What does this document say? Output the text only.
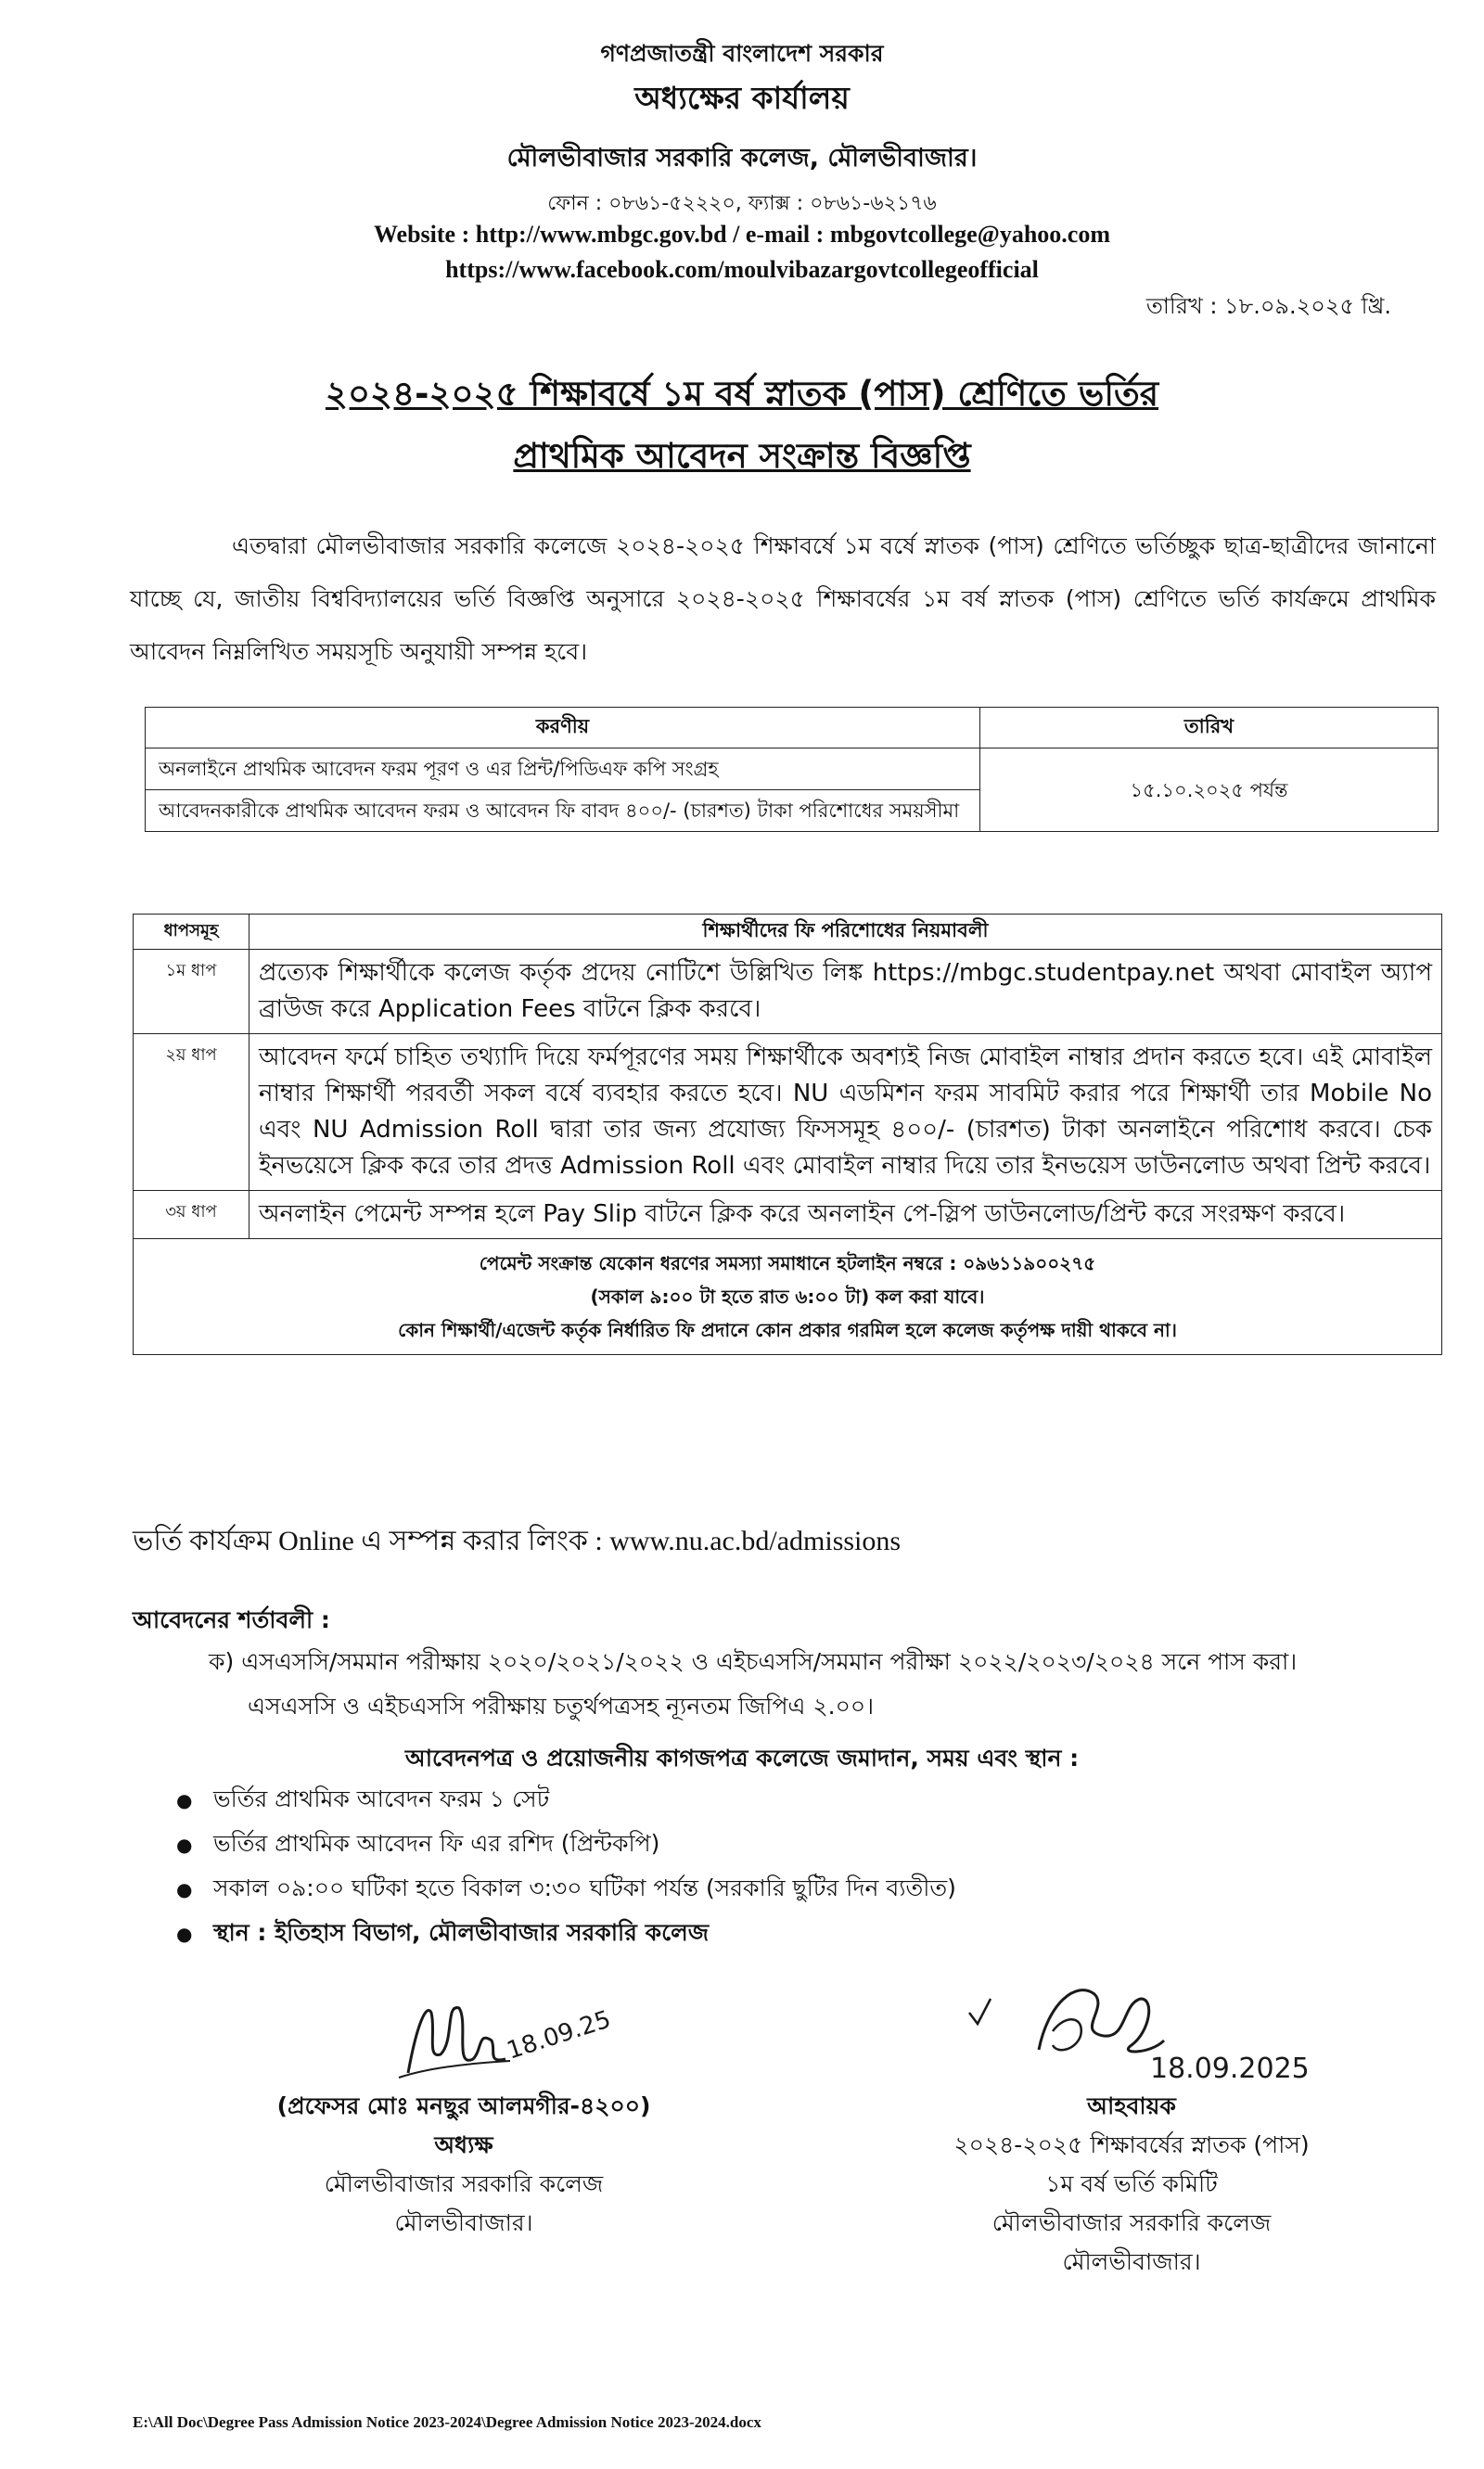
গণপ্রজাতন্ত্রী বাংলাদেশ সরকার
অধ্যক্ষের কার্যালয়
মৌলভীবাজার সরকারি কলেজ, মৌলভীবাজার।
ফোন : ০৮৬১-৫২২২০, ফ্যাক্স : ০৮৬১-৬২১৭৬
Website : http://www.mbgc.gov.bd / e-mail : mbgovtcollege@yahoo.com
https://www.facebook.com/moulvibazargovtcollegeofficial
তারিখ : ১৮.০৯.২০২৫ খ্রি.
২০২৪-২০২৫ শিক্ষাবর্ষে ১ম বর্ষ স্নাতক (পাস) শ্রেণিতে ভর্তির
প্রাথমিক আবেদন সংক্রান্ত বিজ্ঞপ্তি
এতদ্বারা মৌলভীবাজার সরকারি কলেজে ২০২৪-২০২৫ শিক্ষাবর্ষে ১ম বর্ষে স্নাতক (পাস) শ্রেণিতে ভর্তিচ্ছুক ছাত্র-ছাত্রীদের জানানো যাচ্ছে যে, জাতীয় বিশ্ববিদ্যালয়ের ভর্তি বিজ্ঞপ্তি অনুসারে ২০২৪-২০২৫ শিক্ষাবর্ষের ১ম বর্ষ স্নাতক (পাস) শ্রেণিতে ভর্তি কার্যক্রমে প্রাথমিক আবেদন নিম্নলিখিত সময়সূচি অনুযায়ী সম্পন্ন হবে।
করণীয়	তারিখ
অনলাইনে প্রাথমিক আবেদন ফরম পূরণ ও এর প্রিন্ট/পিডিএফ কপি সংগ্রহ	১৫.১০.২০২৫ পর্যন্ত
আবেদনকারীকে প্রাথমিক আবেদন ফরম ও আবেদন ফি বাবদ ৪০০/- (চারশত) টাকা পরিশোধের সময়সীমা	
ধাপসমূহ	শিক্ষার্থীদের ফি পরিশোধের নিয়মাবলী
১ম ধাপ	প্রত্যেক শিক্ষার্থীকে কলেজ কর্তৃক প্রদেয় নোটিশে উল্লিখিত লিঙ্ক https://mbgc.studentpay.net অথবা মোবাইল অ্যাপ ব্রাউজ করে Application Fees বাটনে ক্লিক করবে।
২য় ধাপ	আবেদন ফর্মে চাহিত তথ্যাদি দিয়ে ফর্মপূরণের সময় শিক্ষার্থীকে অবশ্যই নিজ মোবাইল নাম্বার প্রদান করতে হবে। এই মোবাইল নাম্বার শিক্ষার্থী পরবর্তী সকল বর্ষে ব্যবহার করতে হবে। NU এডমিশন ফরম সাবমিট করার পরে শিক্ষার্থী তার Mobile No এবং NU Admission Roll দ্বারা তার জন্য প্রযোজ্য ফিসসমূহ ৪০০/- (চারশত) টাকা অনলাইনে পরিশোধ করবে। চেক ইনভয়েসে ক্লিক করে তার প্রদত্ত Admission Roll এবং মোবাইল নাম্বার দিয়ে তার ইনভয়েস ডাউনলোড অথবা প্রিন্ট করবে।
৩য় ধাপ	অনলাইন পেমেন্ট সম্পন্ন হলে Pay Slip বাটনে ক্লিক করে অনলাইন পে-স্লিপ ডাউনলোড/প্রিন্ট করে সংরক্ষণ করবে।

পেমেন্ট সংক্রান্ত যেকোন ধরণের সমস্যা সমাধানে হটলাইন নম্বরে : ০৯৬১১৯০০২৭৫
(সকাল ৯:০০ টা হতে রাত ৬:০০ টা) কল করা যাবে।
কোন শিক্ষার্থী/এজেন্ট কর্তৃক নির্ধারিত ফি প্রদানে কোন প্রকার গরমিল হলে কলেজ কর্তৃপক্ষ দায়ী থাকবে না।	
ভর্তি কার্যক্রম Online এ সম্পন্ন করার লিংক : www.nu.ac.bd/admissions
আবেদনের শর্তাবলী :
ক) এসএসসি/সমমান পরীক্ষায় ২০২০/২০২১/২০২২ ও এইচএসসি/সমমান পরীক্ষা ২০২২/২০২৩/২০২৪ সনে পাস করা।
এসএসসি ও এইচএসসি পরীক্ষায় চতুর্থপত্রসহ ন্যূনতম জিপিএ ২.০০।
আবেদনপত্র ও প্রয়োজনীয় কাগজপত্র কলেজে জমাদান, সময় এবং স্থান :
● ভর্তির প্রাথমিক আবেদন ফরম ১ সেট
● ভর্তির প্রাথমিক আবেদন ফি এর রশিদ (প্রিন্টকপি)
● সকাল ০৯:০০ ঘটিকা হতে বিকাল ৩:৩০ ঘটিকা পর্যন্ত (সরকারি ছুটির দিন ব্যতীত)
● স্থান : ইতিহাস বিভাগ, মৌলভীবাজার সরকারি কলেজ
18.09.25
18.09.2025
(প্রফেসর মোঃ মনছুর আলমগীর-৪২০০)
অধ্যক্ষ
মৌলভীবাজার সরকারি কলেজ
মৌলভীবাজার।
আহবায়ক
২০২৪-২০২৫ শিক্ষাবর্ষের স্নাতক (পাস)
১ম বর্ষ ভর্তি কমিটি
মৌলভীবাজার সরকারি কলেজ
মৌলভীবাজার।
E:\All Doc\Degree Pass Admission Notice 2023-2024\Degree Admission Notice 2023-2024.docx
